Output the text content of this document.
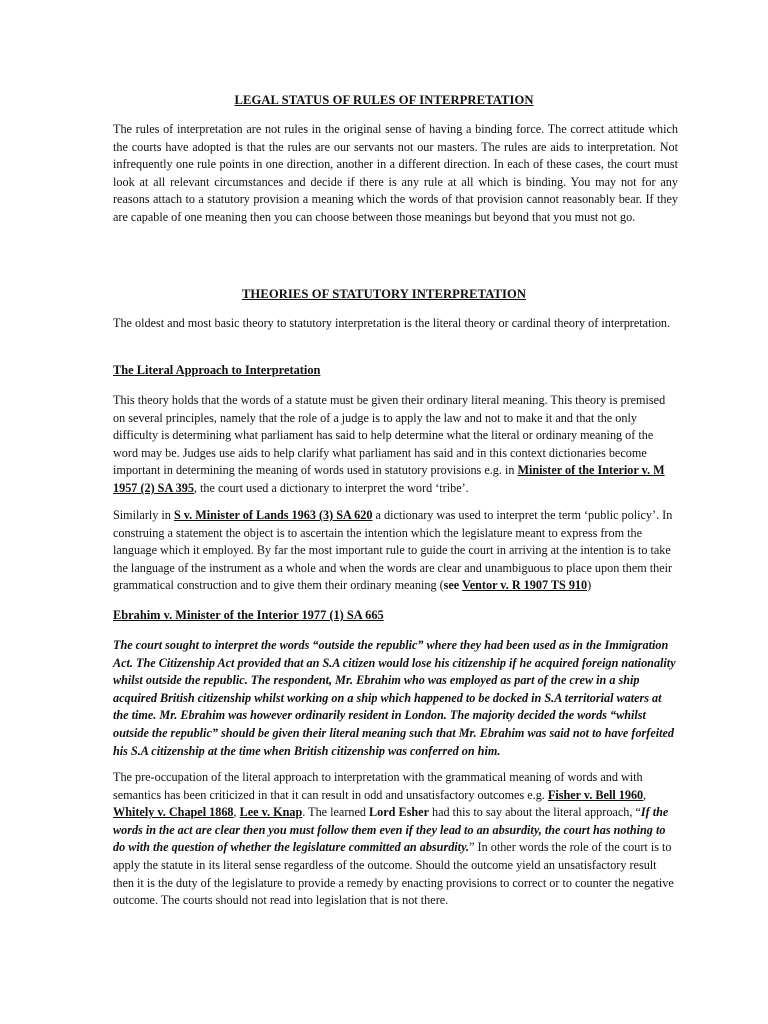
LEGAL STATUS OF RULES OF INTERPRETATION
The rules of interpretation are not rules in the original sense of having a binding force. The correct attitude which the courts have adopted is that the rules are our servants not our masters. The rules are aids to interpretation. Not infrequently one rule points in one direction, another in a different direction. In each of these cases, the court must look at all relevant circumstances and decide if there is any rule at all which is binding. You may not for any reasons attach to a statutory provision a meaning which the words of that provision cannot reasonably bear. If they are capable of one meaning then you can choose between those meanings but beyond that you must not go.
THEORIES OF STATUTORY INTERPRETATION
The oldest and most basic theory to statutory interpretation is the literal theory or cardinal theory of interpretation.
The Literal Approach to Interpretation
This theory holds that the words of a statute must be given their ordinary literal meaning. This theory is premised on several principles, namely that the role of a judge is to apply the law and not to make it and that the only difficulty is determining what parliament has said to help determine what the literal or ordinary meaning of the word may be. Judges use aids to help clarify what parliament has said and in this context dictionaries become important in determining the meaning of words used in statutory provisions e.g. in Minister of the Interior v. M 1957 (2) SA 395, the court used a dictionary to interpret the word ‘tribe’.
Similarly in S v. Minister of Lands 1963 (3) SA 620 a dictionary was used to interpret the term ‘public policy’. In construing a statement the object is to ascertain the intention which the legislature meant to express from the language which it employed. By far the most important rule to guide the court in arriving at the intention is to take the language of the instrument as a whole and when the words are clear and unambiguous to place upon them their grammatical construction and to give them their ordinary meaning (see Ventor v. R 1907 TS 910)
Ebrahim v. Minister of the Interior 1977 (1) SA 665
The court sought to interpret the words “outside the republic” where they had been used as in the Immigration Act. The Citizenship Act provided that an S.A citizen would lose his citizenship if he acquired foreign nationality whilst outside the republic. The respondent, Mr. Ebrahim who was employed as part of the crew in a ship acquired British citizenship whilst working on a ship which happened to be docked in S.A territorial waters at the time. Mr. Ebrahim was however ordinarily resident in London. The majority decided the words “whilst outside the republic” should be given their literal meaning such that Mr. Ebrahim was said not to have forfeited his S.A citizenship at the time when British citizenship was conferred on him.
The pre-occupation of the literal approach to interpretation with the grammatical meaning of words and with semantics has been criticized in that it can result in odd and unsatisfactory outcomes e.g. Fisher v. Bell 1960, Whitely v. Chapel 1868, Lee v. Knap. The learned Lord Esher had this to say about the literal approach, “If the words in the act are clear then you must follow them even if they lead to an absurdity, the court has nothing to do with the question of whether the legislature committed an absurdity.” In other words the role of the court is to apply the statute in its literal sense regardless of the outcome. Should the outcome yield an unsatisfactory result then it is the duty of the legislature to provide a remedy by enacting provisions to correct or to counter the negative outcome. The courts should not read into legislation that is not there.
